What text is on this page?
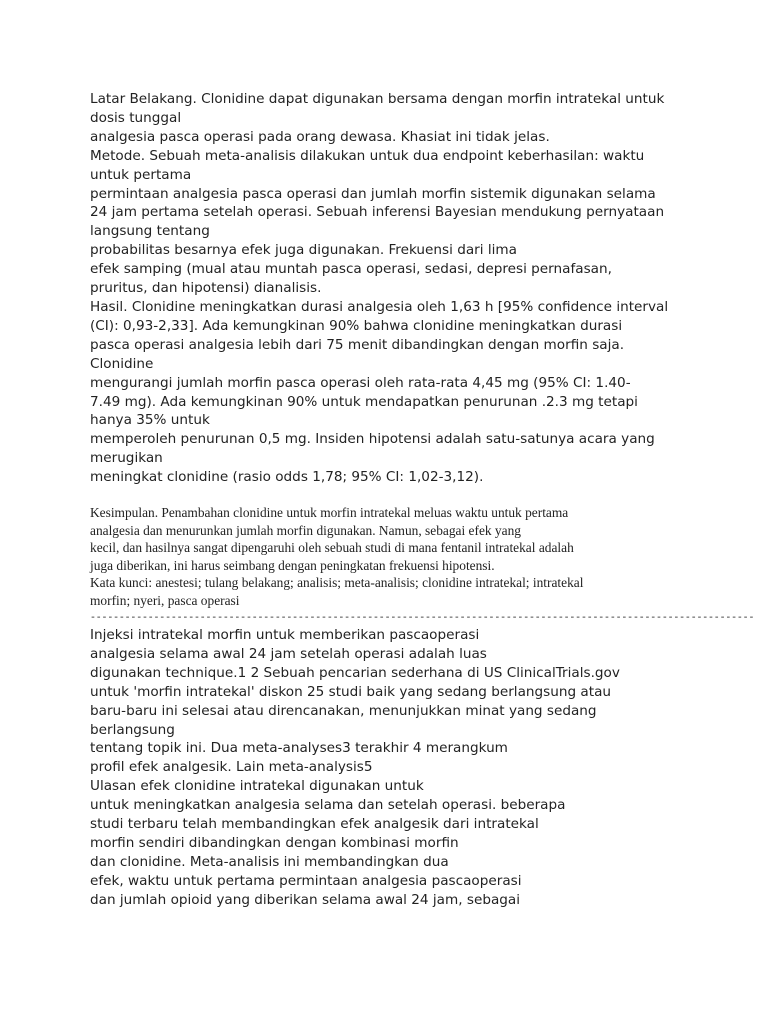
Latar Belakang. Clonidine dapat digunakan bersama dengan morfin intratekal untuk
dosis tunggal
analgesia pasca operasi pada orang dewasa. Khasiat ini tidak jelas.
Metode. Sebuah meta-analisis dilakukan untuk dua endpoint keberhasilan: waktu
untuk pertama
permintaan analgesia pasca operasi dan jumlah morfin sistemik digunakan selama
24 jam pertama setelah operasi. Sebuah inferensi Bayesian mendukung pernyataan
langsung tentang
probabilitas besarnya efek juga digunakan. Frekuensi dari lima
efek samping (mual atau muntah pasca operasi, sedasi, depresi pernafasan,
pruritus, dan hipotensi) dianalisis.
Hasil. Clonidine meningkatkan durasi analgesia oleh 1,63 h [95% confidence interval
(CI): 0,93-2,33]. Ada kemungkinan 90% bahwa clonidine meningkatkan durasi
pasca operasi analgesia lebih dari 75 menit dibandingkan dengan morfin saja.
Clonidine
mengurangi jumlah morfin pasca operasi oleh rata-rata 4,45 mg (95% CI: 1.40-
7.49 mg). Ada kemungkinan 90% untuk mendapatkan penurunan .2.3 mg tetapi
hanya 35% untuk
memperoleh penurunan 0,5 mg. Insiden hipotensi adalah satu-satunya acara yang
merugikan
meningkat clonidine (rasio odds 1,78; 95% CI: 1,02-3,12).
Kesimpulan. Penambahan clonidine untuk morfin intratekal meluas waktu untuk pertama
analgesia dan menurunkan jumlah morfin digunakan. Namun, sebagai efek yang
kecil, dan hasilnya sangat dipengaruhi oleh sebuah studi di mana fentanil intratekal adalah
juga diberikan, ini harus seimbang dengan peningkatan frekuensi hipotensi.
Kata kunci: anestesi; tulang belakang; analisis; meta-analisis; clonidine intratekal; intratekal
morfin; nyeri, pasca operasi
-------------------------------------------------------------------------------------------------------------------
Injeksi intratekal morfin untuk memberikan pascaoperasi
analgesia selama awal 24 jam setelah operasi adalah luas
digunakan technique.1 2 Sebuah pencarian sederhana di US ClinicalTrials.gov
untuk 'morfin intratekal' diskon 25 studi baik yang sedang berlangsung atau
baru-baru ini selesai atau direncanakan, menunjukkan minat yang sedang
berlangsung
tentang topik ini. Dua meta-analyses3 terakhir 4 merangkum
profil efek analgesik. Lain meta-analysis5
Ulasan efek clonidine intratekal digunakan untuk
untuk meningkatkan analgesia selama dan setelah operasi. beberapa
studi terbaru telah membandingkan efek analgesik dari intratekal
morfin sendiri dibandingkan dengan kombinasi morfin
dan clonidine. Meta-analisis ini membandingkan dua
efek, waktu untuk pertama permintaan analgesia pascaoperasi
dan jumlah opioid yang diberikan selama awal 24 jam, sebagai
